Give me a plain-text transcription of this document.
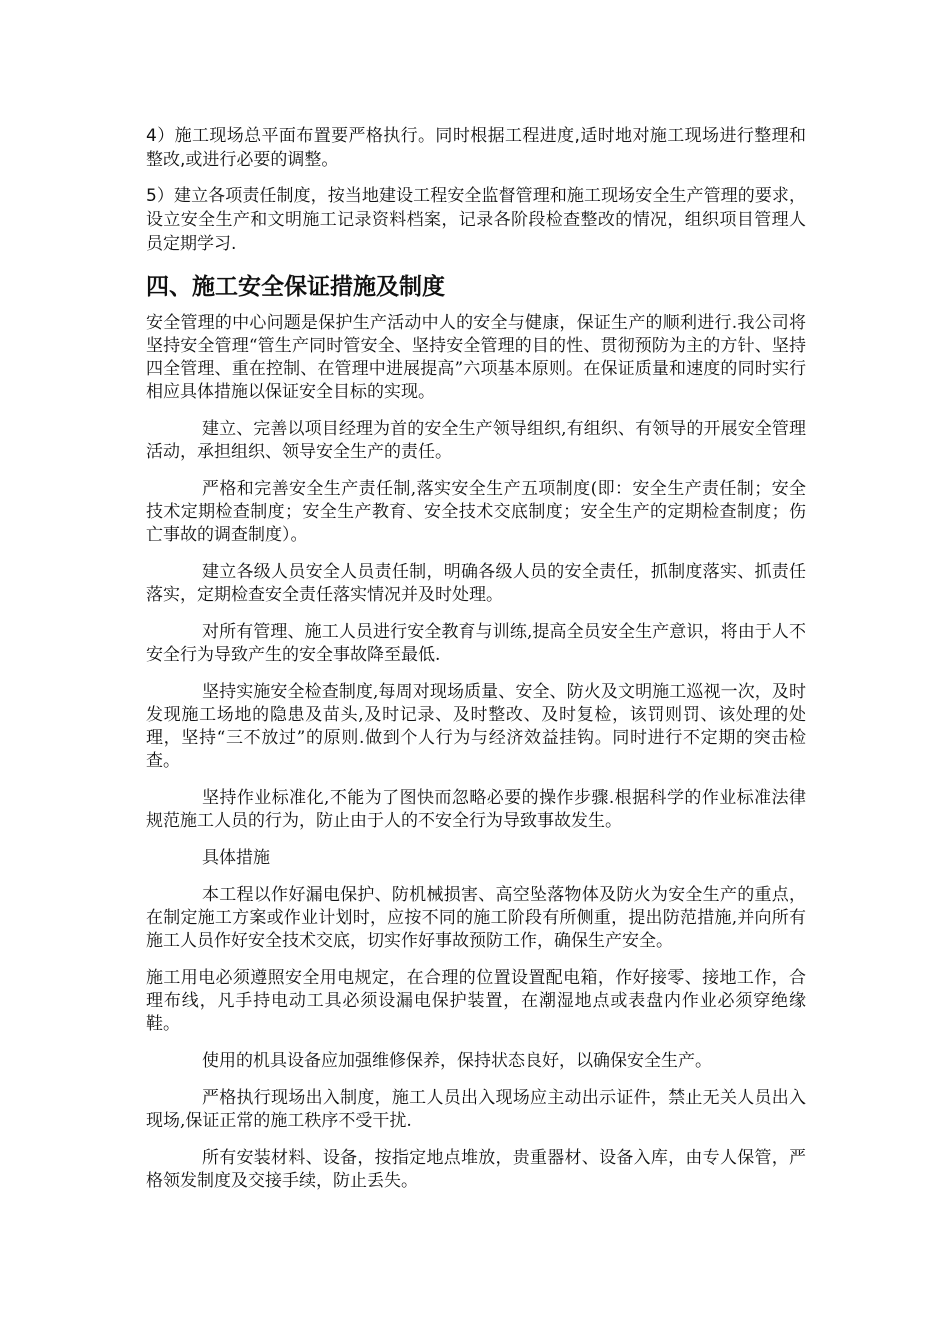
4）施工现场总平面布置要严格执行。同时根据工程进度,适时地对施工现场进行整理和整改,或进行必要的调整。

5）建立各项责任制度，按当地建设工程安全监督管理和施工现场安全生产管理的要求，设立安全生产和文明施工记录资料档案，记录各阶段检查整改的情况，组织项目管理人员定期学习.

四、施工安全保证措施及制度

安全管理的中心问题是保护生产活动中人的安全与健康，保证生产的顺利进行.我公司将坚持安全管理“管生产同时管安全、坚持安全管理的目的性、贯彻预防为主的方针、坚持四全管理、重在控制、在管理中进展提高”六项基本原则。在保证质量和速度的同时实行相应具体措施以保证安全目标的实现。

建立、完善以项目经理为首的安全生产领导组织,有组织、有领导的开展安全管理活动，承担组织、领导安全生产的责任。

严格和完善安全生产责任制,落实安全生产五项制度(即：安全生产责任制；安全技术定期检查制度；安全生产教育、安全技术交底制度；安全生产的定期检查制度；伤亡事故的调查制度）。

建立各级人员安全人员责任制，明确各级人员的安全责任，抓制度落实、抓责任落实，定期检查安全责任落实情况并及时处理。

对所有管理、施工人员进行安全教育与训练,提高全员安全生产意识，将由于人不安全行为导致产生的安全事故降至最低.

坚持实施安全检查制度,每周对现场质量、安全、防火及文明施工巡视一次，及时发现施工场地的隐患及苗头,及时记录、及时整改、及时复检，该罚则罚、该处理的处理，坚持“三不放过”的原则.做到个人行为与经济效益挂钩。同时进行不定期的突击检查。

坚持作业标准化,不能为了图快而忽略必要的操作步骤.根据科学的作业标准法律规范施工人员的行为，防止由于人的不安全行为导致事故发生。

具体措施

本工程以作好漏电保护、防机械损害、高空坠落物体及防火为安全生产的重点，在制定施工方案或作业计划时，应按不同的施工阶段有所侧重，提出防范措施,并向所有施工人员作好安全技术交底，切实作好事故预防工作，确保生产安全。

施工用电必须遵照安全用电规定，在合理的位置设置配电箱，作好接零、接地工作，合理布线，凡手持电动工具必须设漏电保护装置，在潮湿地点或表盘内作业必须穿绝缘鞋。

使用的机具设备应加强维修保养，保持状态良好，以确保安全生产。

严格执行现场出入制度，施工人员出入现场应主动出示证件，禁止无关人员出入现场,保证正常的施工秩序不受干扰.

所有安装材料、设备，按指定地点堆放，贵重器材、设备入库，由专人保管，严格领发制度及交接手续，防止丢失。
